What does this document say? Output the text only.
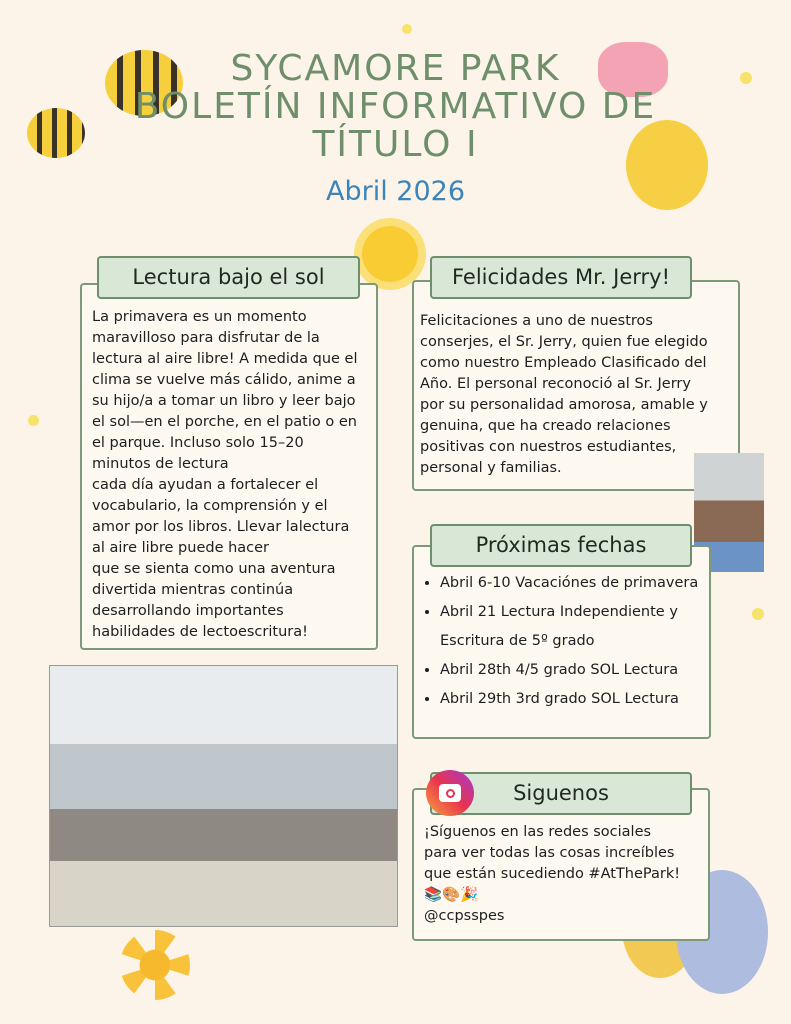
SYCAMORE PARK
BOLETÍN INFORMATIVO DE
TÍTULO I
Abril 2026
La primavera es un momento
maravilloso para disfrutar de la
lectura al aire libre! A medida que el
clima se vuelve más cálido, anime a
su hijo/a a tomar un libro y leer bajo
el sol—en el porche, en el patio o en
el parque. Incluso solo 15–20
minutos de lectura
cada día ayudan a fortalecer el
vocabulario, la comprensión y el
amor por los libros. Llevar lalectura
al aire libre puede hacer
que se sienta como una aventura
divertida mientras continúa
desarrollando importantes
habilidades de lectoescritura!
Lectura bajo el sol
Felicitaciones a uno de nuestros
conserjes, el Sr. Jerry, quien fue elegido
como nuestro Empleado Clasificado del
Año. El personal reconoció al Sr. Jerry
por su personalidad amorosa, amable y
genuina, que ha creado relaciones
positivas con nuestros estudiantes,
personal y familias.
Felicidades Mr. Jerry!
• Abril 6-10 Vacaciónes de primavera
• Abril 21 Lectura Independiente y Escritura de 5º grado
• Abril 28th 4/5 grado SOL Lectura
• Abril 29th 3rd grado SOL Lectura
Próximas fechas
¡Síguenos en las redes sociales
para ver todas las cosas increíbles
que están sucediendo #AtThePark!
📚🎨🎉
@ccpsspes
Siguenos
